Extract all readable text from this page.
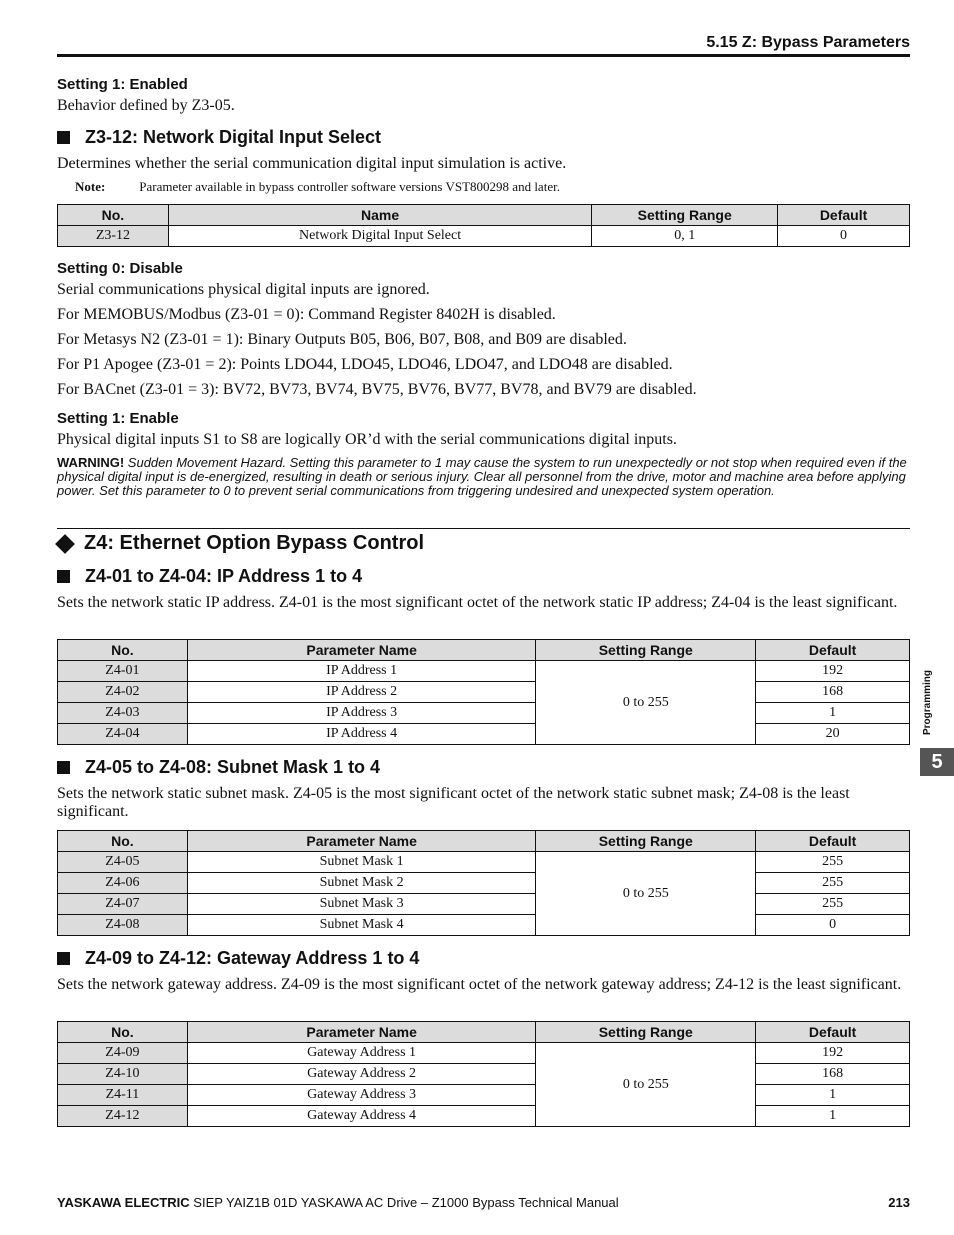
5.15 Z: Bypass Parameters
Setting 1: Enabled
Behavior defined by Z3-05.
Z3-12: Network Digital Input Select
Determines whether the serial communication digital input simulation is active.
Note:	Parameter available in bypass controller software versions VST800298 and later.
No.	Name	Setting Range	Default
Z3-12	Network Digital Input Select	0, 1	0
Setting 0: Disable
Serial communications physical digital inputs are ignored.
For MEMOBUS/Modbus (Z3-01 = 0): Command Register 8402H is disabled.
For Metasys N2 (Z3-01 = 1): Binary Outputs B05, B06, B07, B08, and B09 are disabled.
For P1 Apogee (Z3-01 = 2): Points LDO44, LDO45, LDO46, LDO47, and LDO48 are disabled.
For BACnet (Z3-01 = 3): BV72, BV73, BV74, BV75, BV76, BV77, BV78, and BV79 are disabled.
Setting 1: Enable
Physical digital inputs S1 to S8 are logically OR’d with the serial communications digital inputs.
WARNING! Sudden Movement Hazard. Setting this parameter to 1 may cause the system to run unexpectedly or not stop when required even if the physical digital input is de-energized, resulting in death or serious injury. Clear all personnel from the drive, motor and machine area before applying power. Set this parameter to 0 to prevent serial communications from triggering undesired and unexpected system operation.
Z4: Ethernet Option Bypass Control
Z4-01 to Z4-04: IP Address 1 to 4
Sets the network static IP address. Z4-01 is the most significant octet of the network static IP address; Z4-04 is the least significant.
No.	Parameter Name	Setting Range	Default
Z4-01	IP Address 1	0 to 255	192
Z4-02	IP Address 2		168
Z4-03	IP Address 3		1
Z4-04	IP Address 4		20
Z4-05 to Z4-08: Subnet Mask 1 to 4
Sets the network static subnet mask. Z4-05 is the most significant octet of the network static subnet mask; Z4-08 is the least significant.
No.	Parameter Name	Setting Range	Default
Z4-05	Subnet Mask 1	0 to 255	255
Z4-06	Subnet Mask 2		255
Z4-07	Subnet Mask 3		255
Z4-08	Subnet Mask 4		0
Z4-09 to Z4-12: Gateway Address 1 to 4
Sets the network gateway address. Z4-09 is the most significant octet of the network gateway address; Z4-12 is the least significant.
No.	Parameter Name	Setting Range	Default
Z4-09	Gateway Address 1	0 to 255	192
Z4-10	Gateway Address 2		168
Z4-11	Gateway Address 3		1
Z4-12	Gateway Address 4		1
Programming
5
YASKAWA ELECTRIC SIEP YAIZ1B 01D YASKAWA AC Drive – Z1000 Bypass Technical Manual	213
